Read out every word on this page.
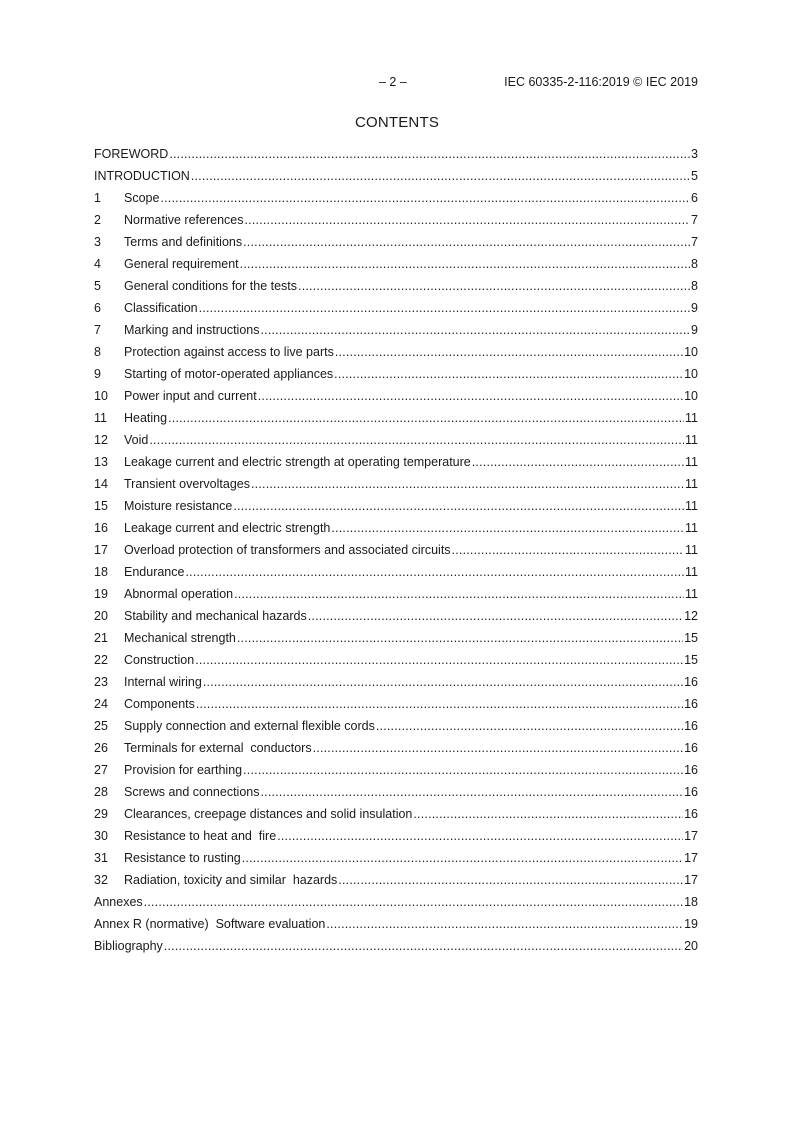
– 2 –	IEC 60335-2-116:2019 © IEC 2019
CONTENTS
FOREWORD .....	3
INTRODUCTION .....	5
1	Scope .....	6
2	Normative references .....	7
3	Terms and definitions .....	7
4	General requirement .....	8
5	General conditions for the tests .....	8
6	Classification .....	9
7	Marking and instructions .....	9
8	Protection against access to live parts .....	10
9	Starting of motor-operated appliances .....	10
10	Power input and current .....	10
11	Heating .....	11
12	Void .....	11
13	Leakage current and electric strength at operating temperature .....	11
14	Transient overvoltages .....	11
15	Moisture resistance .....	11
16	Leakage current and electric strength .....	11
17	Overload protection of transformers and associated circuits .....	11
18	Endurance .....	11
19	Abnormal operation .....	11
20	Stability and mechanical hazards .....	12
21	Mechanical strength .....	15
22	Construction .....	15
23	Internal wiring .....	16
24	Components .....	16
25	Supply connection and external flexible cords .....	16
26	Terminals for external  conductors .....	16
27	Provision for earthing .....	16
28	Screws and connections .....	16
29	Clearances, creepage distances and solid insulation .....	16
30	Resistance to heat and  fire .....	17
31	Resistance to rusting .....	17
32	Radiation, toxicity and similar  hazards .....	17
Annexes .....	18
Annex R (normative)  Software evaluation .....	19
Bibliography .....	20
